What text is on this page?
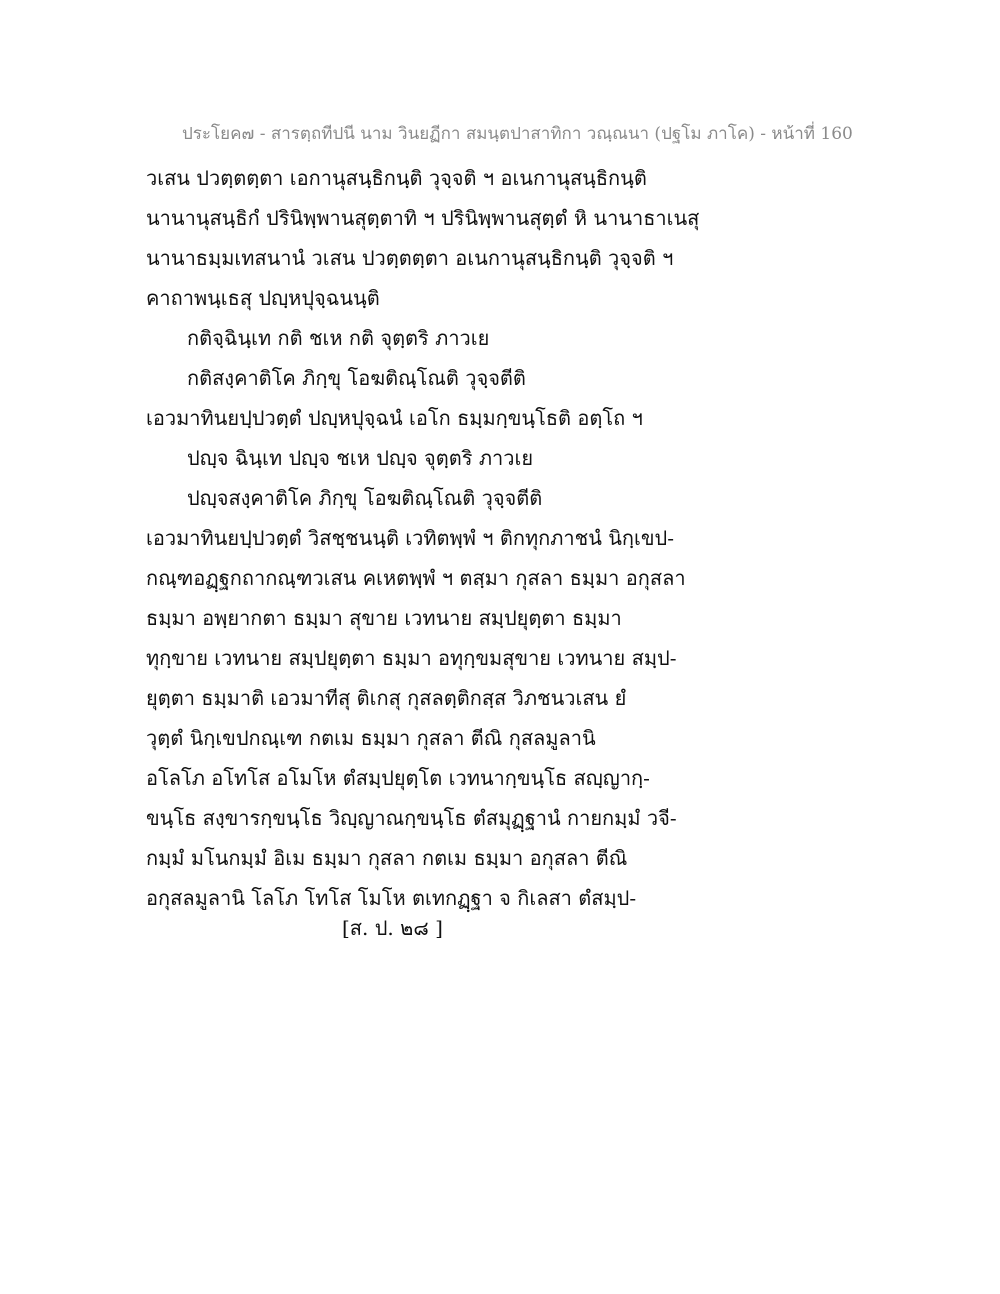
ประโยค๗ - สารตฺถทีปนี นาม วินยฏีกา สมนฺตปาสาทิกา วณฺณนา (ปฐโม ภาโค) - หน้าที่ 160
วเสน ปวตฺตตฺตา เอกานุสนฺธิกนฺติ วุจฺจติ ฯ อเนกานุสนฺธิกนฺติ
นานานุสนฺธิกํ ปรินิพฺพานสุตฺตาทิ ฯ ปรินิพฺพานสุตฺตํ หิ นานาธาเนสุ
นานาธมฺมเทสนานํ วเสน ปวตฺตตฺตา อเนกานุสนฺธิกนฺติ วุจฺจติ ฯ
คาถาพนฺเธสุ ปญฺหปุจฺฉนนฺติ
กติจฺฉินฺเท กติ ชเห กติ จุตฺตริ ภาวเย
กติสงฺคาติโค ภิกฺขุ โอฆติณฺโณติ วุจฺจตีติ
เอวมาทินยปฺปวตฺตํ ปญฺหปุจฺฉนํ เอโก ธมฺมกฺขนฺโธติ อตฺโถ ฯ
ปญฺจ ฉินฺเท ปญฺจ ชเห ปญฺจ จุตฺตริ ภาวเย
ปญฺจสงฺคาติโค ภิกฺขุ โอฆติณฺโณติ วุจฺจตีติ
เอวมาทินยปฺปวตฺตํ วิสชฺชนนฺติ เวทิตพฺพํ ฯ ติกทุกภาชนํ นิกฺเขป-
กณฺฑอฏฺฐกถากณฺฑวเสน คเหตพฺพํ ฯ ตสฺมา กุสลา ธมฺมา อกุสลา
ธมฺมา อพฺยากตา ธมฺมา สุขาย เวทนาย สมฺปยุตฺตา ธมฺมา
ทุกฺขาย เวทนาย สมฺปยุตฺตา ธมฺมา อทุกฺขมสุขาย เวทนาย สมฺป-
ยุตฺตา ธมฺมาติ เอวมาทีสุ ติเกสุ กุสลตฺติกสฺส วิภชนวเสน ยํ
วุตฺตํ นิกฺเขปกณฺเฑ กตเม ธมฺมา กุสลา ตีณิ กุสลมูลานิ
อโลโภ อโทโส อโมโห ตํสมฺปยุตฺโต เวทนากฺขนฺโธ สญฺญากฺ-
ขนฺโธ สงฺขารกฺขนฺโธ วิญฺญาณกฺขนฺโธ ตํสมุฏฺฐานํ กายกมฺมํ วจี-
กมฺมํ มโนกมฺมํ อิเม ธมฺมา กุสลา กตเม ธมฺมา อกุสลา ตีณิ
อกุสลมูลานิ โลโภ โทโส โมโห ตเทกฏฺฐา จ กิเลสา ตํสมฺป-
[ส. ป. ๒๘ ]
